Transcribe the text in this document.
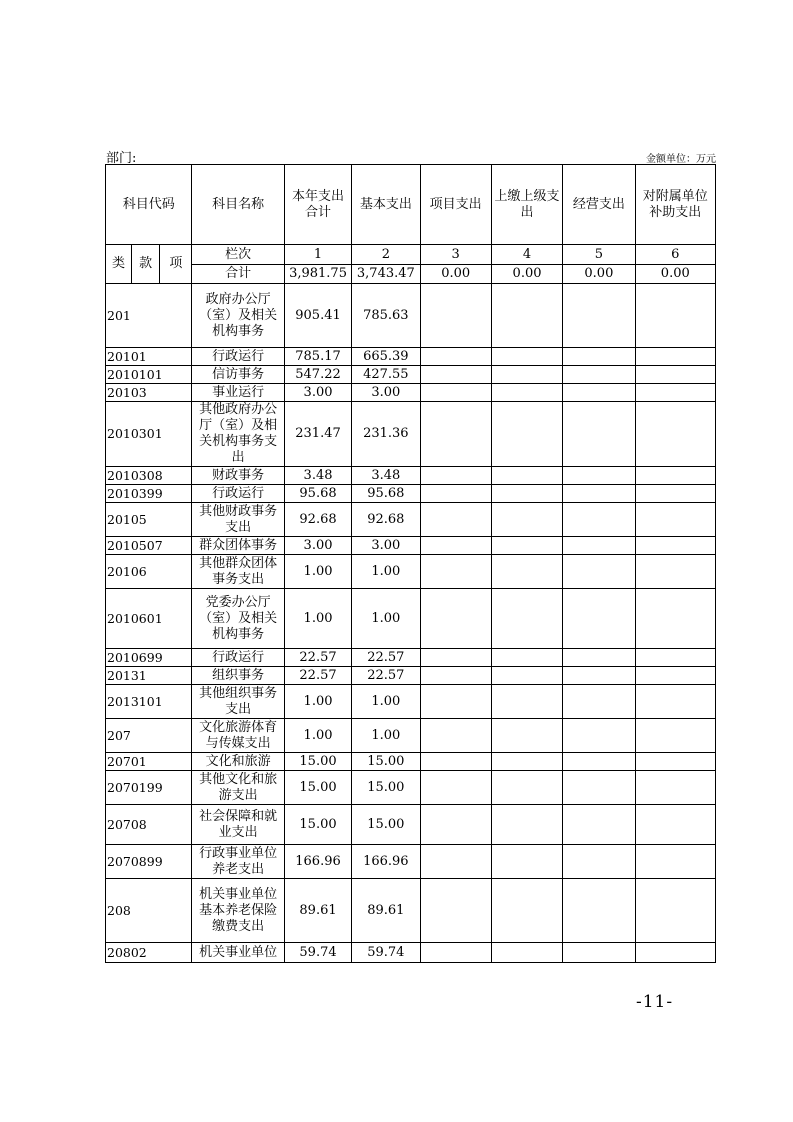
部门:	金额单位：万元
科目代码			科目名称	本年支出合计	基本支出	项目支出	上缴上级支出	经营支出	对附属单位补助支出
类	款	项	栏次	1	2	3	4	5	6
			合计	3,981.75	3,743.47	0.00	0.00	0.00	0.00
201			政府办公厅（室）及相关机构事务	905.41	785.63				
20101			行政运行	785.17	665.39				
2010101			信访事务	547.22	427.55				
20103			事业运行	3.00	3.00				
2010301			其他政府办公厅（室）及相关机构事务支出	231.47	231.36				
2010308			财政事务	3.48	3.48				
2010399			行政运行	95.68	95.68				
20105			其他财政事务支出	92.68	92.68				
2010507			群众团体事务	3.00	3.00				
20106			其他群众团体事务支出	1.00	1.00				
2010601			党委办公厅（室）及相关机构事务	1.00	1.00				
2010699			行政运行	22.57	22.57				
20131			组织事务	22.57	22.57				
2013101			其他组织事务支出	1.00	1.00				
207			文化旅游体育与传媒支出	1.00	1.00				
20701			文化和旅游	15.00	15.00				
2070199			其他文化和旅游支出	15.00	15.00				
20708			社会保障和就业支出	15.00	15.00				
2070899			行政事业单位养老支出	166.96	166.96				
208			机关事业单位基本养老保险缴费支出	89.61	89.61				
20802			机关事业单位	59.74	59.74				
-11-
